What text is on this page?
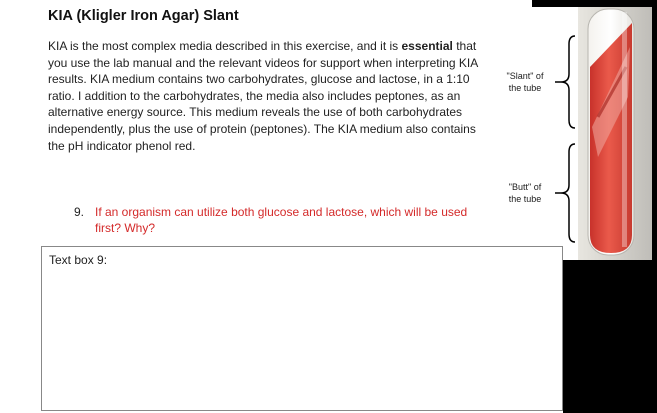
KIA (Kligler Iron Agar) Slant
KIA is the most complex media described in this exercise, and it is essential that you use the lab manual and the relevant videos for support when interpreting KIA results. KIA medium contains two carbohydrates, glucose and lactose, in a 1:10 ratio. I addition to the carbohydrates, the media also includes peptones, as an alternative energy source. This medium reveals the use of both carbohydrates independently, plus the use of protein (peptones). The KIA medium also contains the pH indicator phenol red.
9. If an organism can utilize both glucose and lactose, which will be used first? Why?
Text box 9:
"Slant" of
the tube
"Butt" of
the tube
